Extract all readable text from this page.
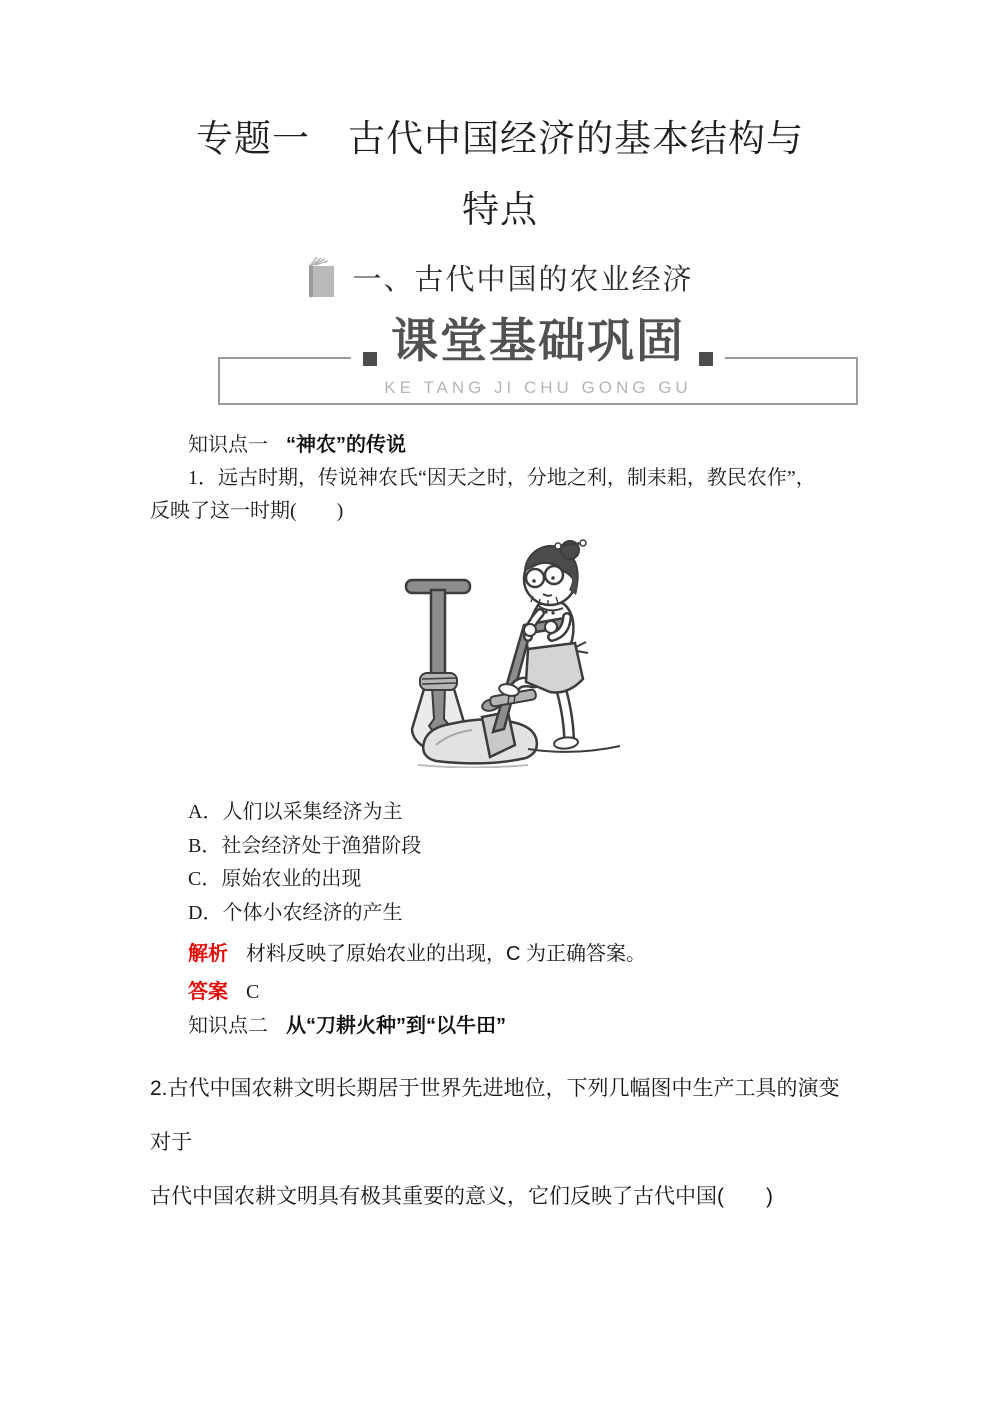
专题一　古代中国经济的基本结构与
特点
一、古代中国的农业经济
课堂基础巩固
KE TANG JI CHU GONG GU
知识点一 “神农”的传说
1．远古时期，传说神农氏“因天之时，分地之利，制耒耜，教民农作”，
反映了这一时期(　　)
A．人们以采集经济为主
B．社会经济处于渔猎阶段
C．原始农业的出现
D．个体小农经济的产生
解析 材料反映了原始农业的出现，C 为正确答案。
答案 C
知识点二 从“刀耕火种”到“以牛田”
2.古代中国农耕文明长期居于世界先进地位，下列几幅图中生产工具的演变对于
古代中国农耕文明具有极其重要的意义，它们反映了古代中国(　　)
